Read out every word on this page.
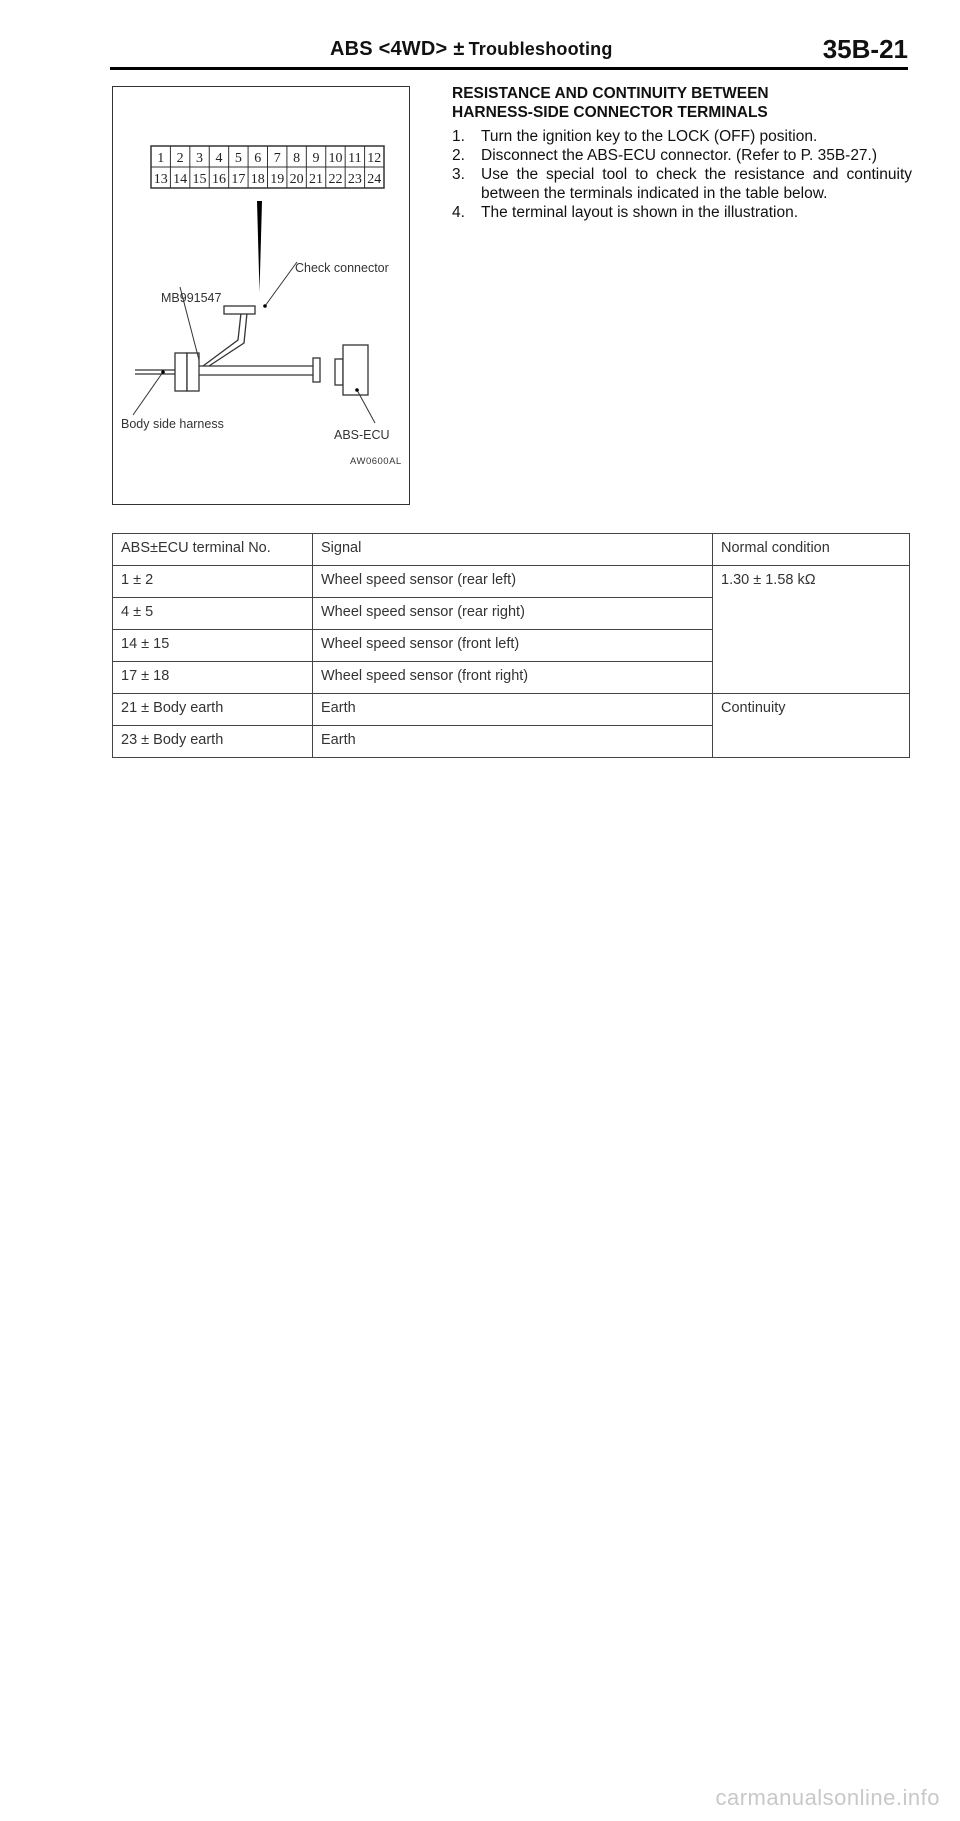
ABS <4WD> ± Troubleshooting	35B-21
1 2 3 4 5 6 7 8 9 10 11 12
13 14 15 16 17 18 19 20 21 22 23 24
Check connector
MB991547
Body side harness
ABS-ECU
AW0600AL
RESISTANCE AND CONTINUITY BETWEEN
HARNESS-SIDE CONNECTOR TERMINALS
1.	Turn the ignition key to the LOCK (OFF) position.
2.	Disconnect the ABS-ECU connector. (Refer to P. 35B-27.)
3.	Use the special tool to check the resistance and continuity between the terminals indicated in the table below.
4.	The terminal layout is shown in the illustration.
ABS±ECU terminal No.	Signal	Normal condition
1 ± 2	Wheel speed sensor (rear left)	1.30 ± 1.58 kΩ
4 ± 5	Wheel speed sensor (rear right)	
14 ± 15	Wheel speed sensor (front left)	
17 ± 18	Wheel speed sensor (front right)	
21 ± Body earth	Earth	Continuity
23 ± Body earth	Earth	
carmanualsonline.info
